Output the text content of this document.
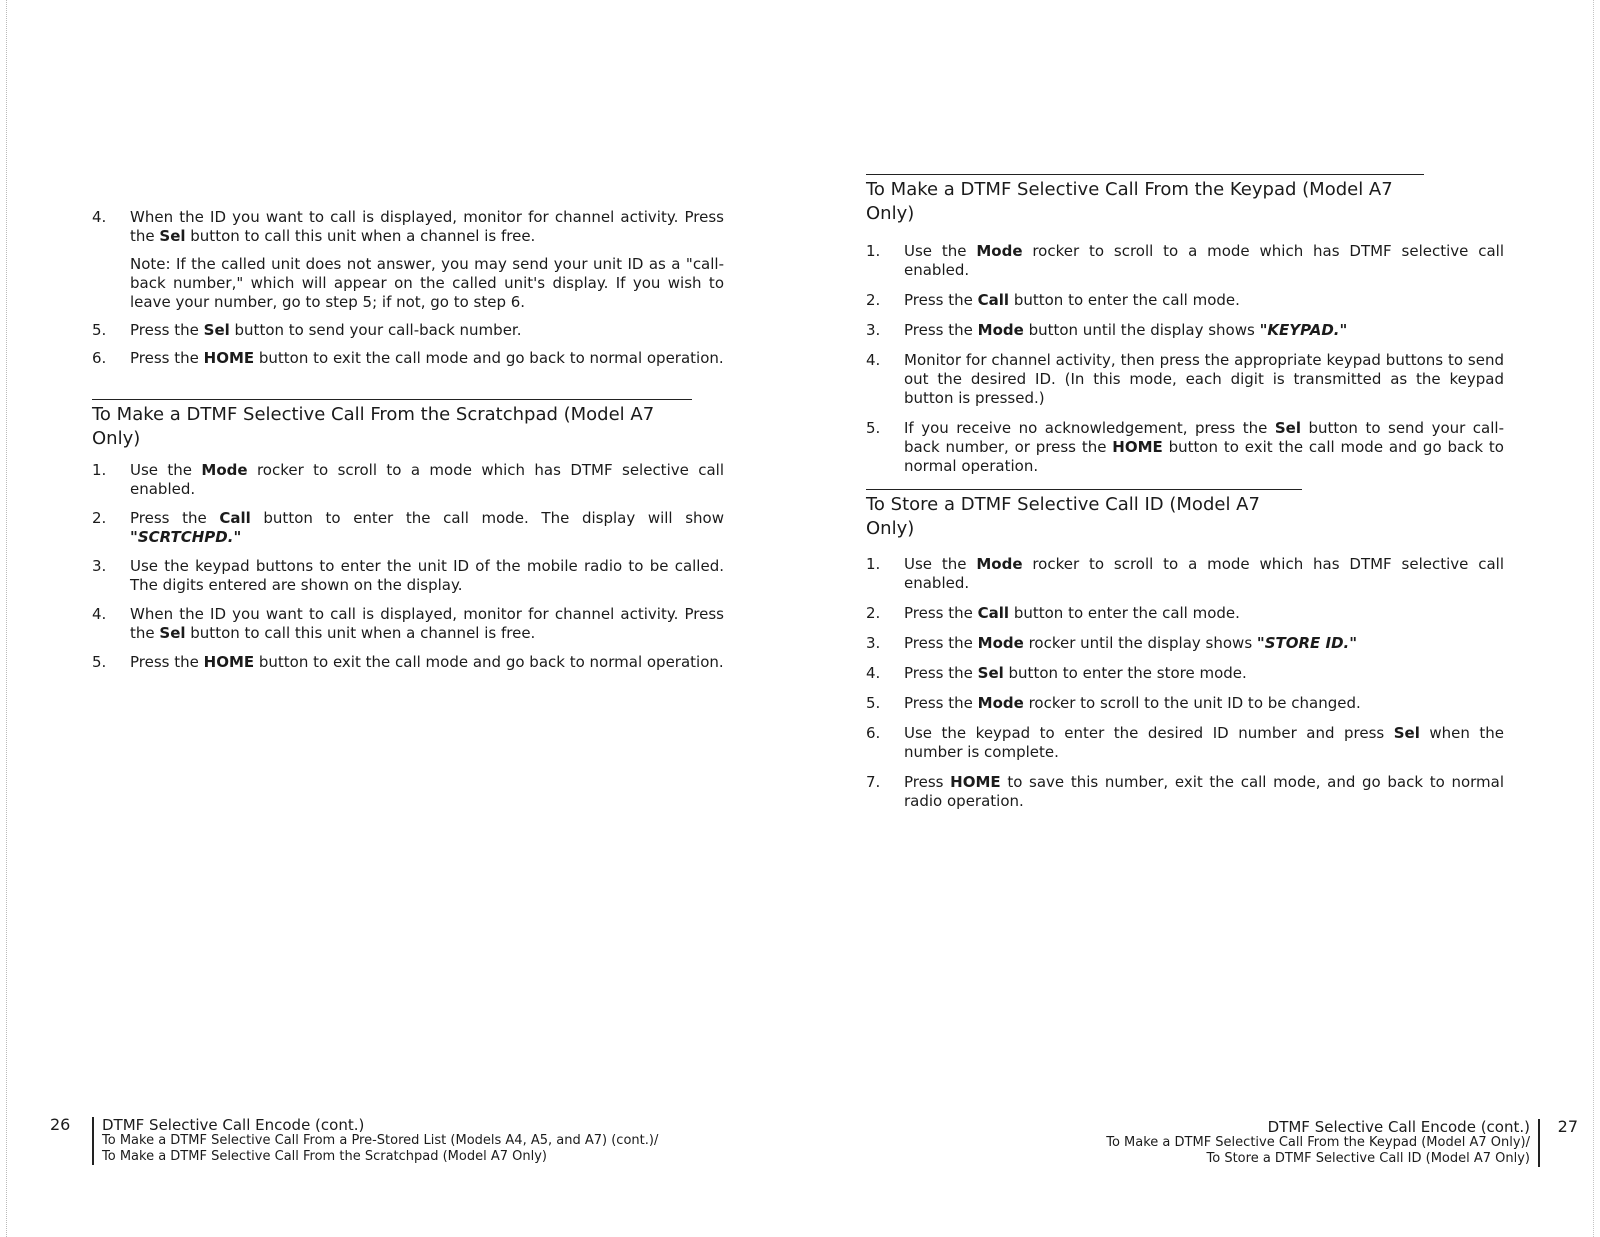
4.	When the ID you want to call is displayed, monitor for channel activity. Press the Sel button to call this unit when a channel is free.
Note: If the called unit does not answer, you may send your unit ID as a "call-back number," which will appear on the called unit's display. If you wish to leave your number, go to step 5; if not, go to step 6.
5.	Press the Sel button to send your call-back number.
6.	Press the HOME button to exit the call mode and go back to normal operation.
To Make a DTMF Selective Call From the Scratchpad (Model A7 Only)
1.	Use the Mode rocker to scroll to a mode which has DTMF selective call enabled.
2.	Press the Call button to enter the call mode. The display will show "SCRTCHPD."
3.	Use the keypad buttons to enter the unit ID of the mobile radio to be called. The digits entered are shown on the display.
4.	When the ID you want to call is displayed, monitor for channel activity. Press the Sel button to call this unit when a channel is free.
5.	Press the HOME button to exit the call mode and go back to normal operation.
To Make a DTMF Selective Call From the Keypad (Model A7 Only)
1.	Use the Mode rocker to scroll to a mode which has DTMF selective call enabled.
2.	Press the Call button to enter the call mode.
3.	Press the Mode button until the display shows "KEYPAD."
4.	Monitor for channel activity, then press the appropriate keypad buttons to send out the desired ID. (In this mode, each digit is transmitted as the keypad button is pressed.)
5.	If you receive no acknowledgement, press the Sel button to send your call-back number, or press the HOME button to exit the call mode and go back to normal operation.
To Store a DTMF Selective Call ID (Model A7 Only)
1.	Use the Mode rocker to scroll to a mode which has DTMF selective call enabled.
2.	Press the Call button to enter the call mode.
3.	Press the Mode rocker until the display shows "STORE ID."
4.	Press the Sel button to enter the store mode.
5.	Press the Mode rocker to scroll to the unit ID to be changed.
6.	Use the keypad to enter the desired ID number and press Sel when the number is complete.
7.	Press HOME to save this number, exit the call mode, and go back to normal radio operation.
26 DTMF Selective Call Encode (cont.)
To Make a DTMF Selective Call From a Pre-Stored List (Models A4, A5, and A7) (cont.)/
To Make a DTMF Selective Call From the Scratchpad (Model A7 Only)
DTMF Selective Call Encode (cont.)
To Make a DTMF Selective Call From the Keypad (Model A7 Only)/
To Store a DTMF Selective Call ID (Model A7 Only)
27
